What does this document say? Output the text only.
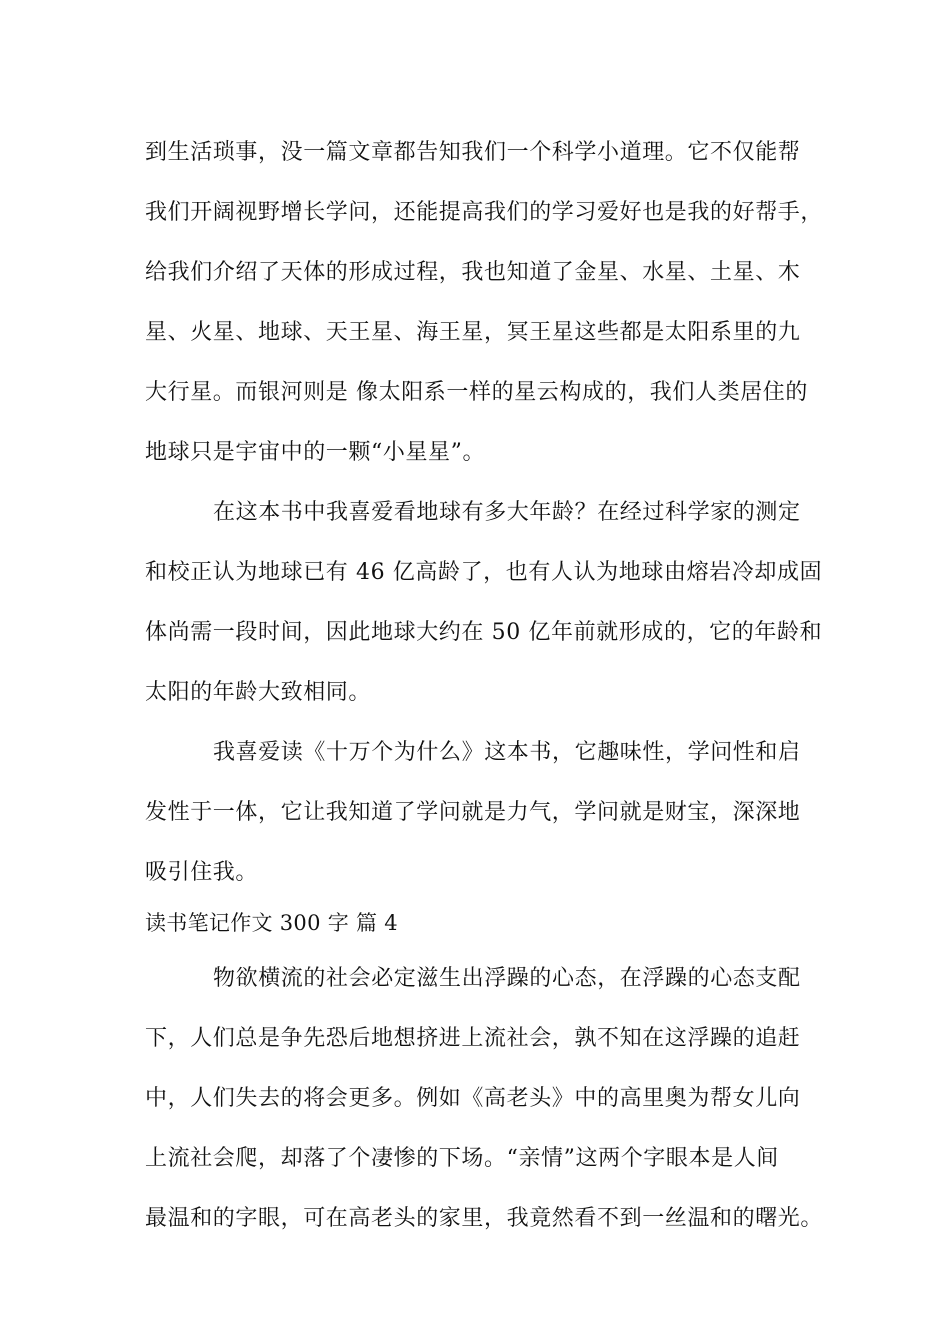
到生活琐事，没一篇文章都告知我们一个科学小道理。它不仅能帮
我们开阔视野增长学问，还能提高我们的学习爱好也是我的好帮手，
给我们介绍了天体的形成过程，我也知道了金星、水星、土星、木
星、火星、地球、天王星、海王星，冥王星这些都是太阳系里的九
大行星。而银河则是 像太阳系一样的星云构成的，我们人类居住的
地球只是宇宙中的一颗“小星星”。
在这本书中我喜爱看地球有多大年龄？在经过科学家的测定
和校正认为地球已有 46 亿高龄了，也有人认为地球由熔岩冷却成固
体尚需一段时间，因此地球大约在 50 亿年前就形成的，它的年龄和
太阳的年龄大致相同。
我喜爱读《十万个为什么》这本书，它趣味性，学问性和启
发性于一体，它让我知道了学问就是力气，学问就是财宝，深深地
吸引住我。
读书笔记作文 300 字 篇 4
物欲横流的社会必定滋生出浮躁的心态，在浮躁的心态支配
下，人们总是争先恐后地想挤进上流社会，孰不知在这浮躁的追赶
中，人们失去的将会更多。例如《高老头》中的高里奥为帮女儿向
上流社会爬，却落了个凄惨的下场。“亲情”这两个字眼本是人间
最温和的字眼，可在高老头的家里，我竟然看不到一丝温和的曙光。
